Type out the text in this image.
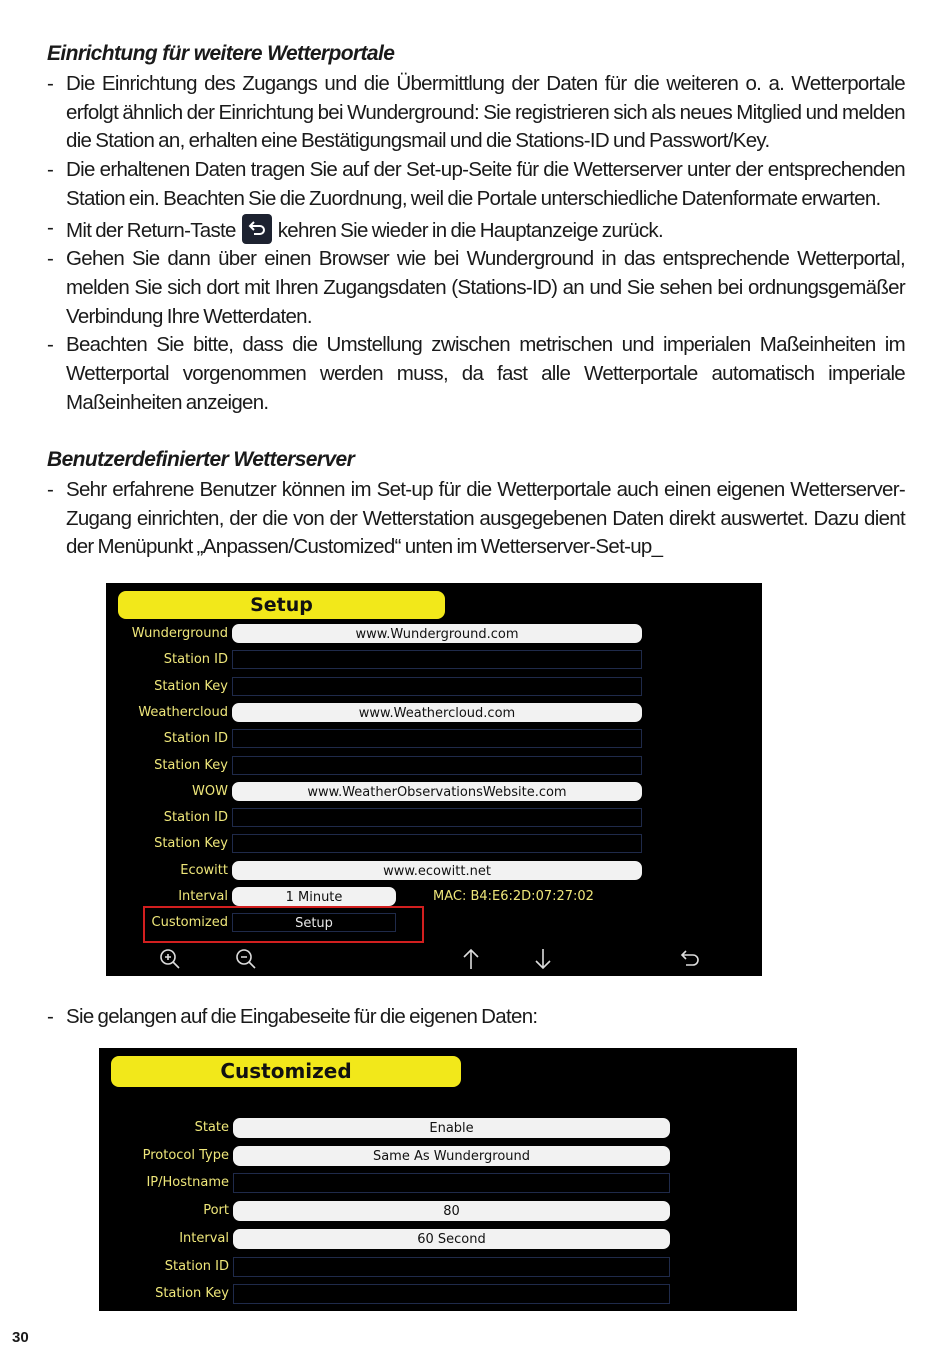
Einrichtung für weitere Wetterportale
- Die Einrichtung des Zugangs und die Übermittlung der Daten für die weiteren o. a. Wetterportale erfolgt ähnlich der Einrichtung bei Wunderground: Sie registrieren sich als neues Mitglied und melden die Station an, erhalten eine Bestätigungsmail und die Stations-ID und Passwort/Key.
- Die erhaltenen Daten tragen Sie auf der Set-up-Seite für die Wetterserver unter der entsprechenden Station ein. Beachten Sie die Zuordnung, weil die Portale unterschiedliche Datenformate erwarten.
- Mit der Return-Taste kehren Sie wieder in die Hauptanzeige zurück.
- Gehen Sie dann über einen Browser wie bei Wunderground in das entsprechende Wetterportal, melden Sie sich dort mit Ihren Zugangsdaten (Stations-ID) an und Sie sehen bei ordnungsgemäßer Verbindung Ihre Wetterdaten.
- Beachten Sie bitte, dass die Umstellung zwischen metrischen und imperialen Maßeinheiten im Wetterportal vorgenommen werden muss, da fast alle Wetterportale automatisch imperiale Maßeinheiten anzeigen.
Benutzerdefinierter Wetterserver
- Sehr erfahrene Benutzer können im Set-up für die Wetterportale auch einen eigenen Wetterserver-Zugang einrichten, der die von der Wetterstation ausgegebenen Daten direkt auswertet. Dazu dient der Menüpunkt „Anpassen/Customized“ unten im Wetterserver-Set-up_
Setup
Wunderground	www.Wunderground.com
Station ID
Station Key
Weathercloud	www.Weathercloud.com
Station ID
Station Key
WOW	www.WeatherObservationsWebsite.com
Station ID
Station Key
Ecowitt	www.ecowitt.net
Interval	1 Minute
Customized	Setup
MAC: B4:E6:2D:07:27:02
- Sie gelangen auf die Eingabeseite für die eigenen Daten:
Customized
State	Enable
Protocol Type	Same As Wunderground
IP/Hostname
Port	80
Interval	60 Second
Station ID
Station Key
30
